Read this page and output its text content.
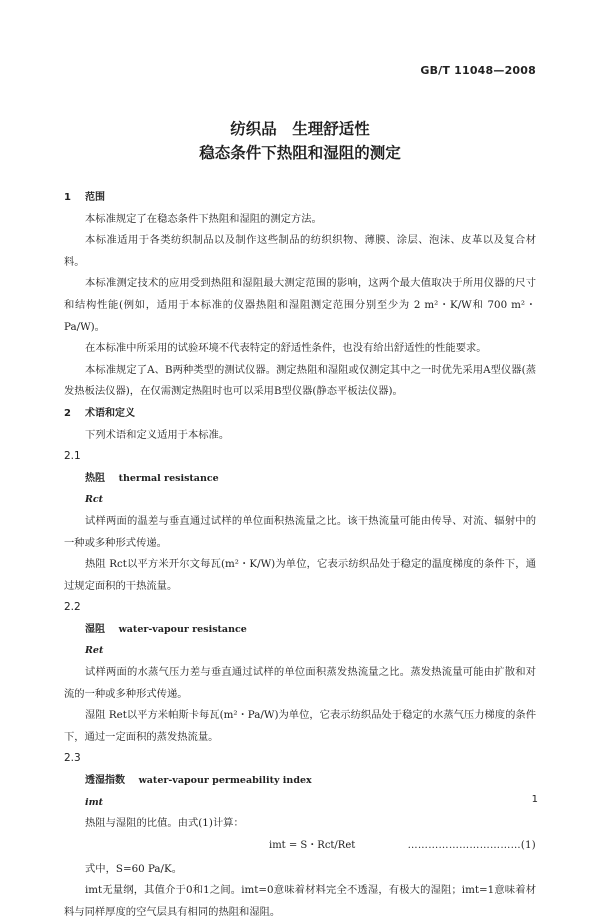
GB/T 11048—2008
纺织品　生理舒适性
稳态条件下热阻和湿阻的测定
1 范围

本标准规定了在稳态条件下热阻和湿阻的测定方法。

本标准适用于各类纺织制品以及制作这些制品的纺织织物、薄膜、涂层、泡沫、皮革以及复合材料。

本标准测定技术的应用受到热阻和湿阻最大测定范围的影响，这两个最大值取决于所用仪器的尺寸和结构性能(例如，适用于本标准的仪器热阻和湿阻测定范围分别至少为 2 m²・K/W和 700 m²・Pa/W)。

在本标准中所采用的试验环境不代表特定的舒适性条件，也没有给出舒适性的性能要求。

本标准规定了A、B两种类型的测试仪器。测定热阻和湿阻或仅测定其中之一时优先采用A型仪器(蒸发热板法仪器)，在仅需测定热阻时也可以采用B型仪器(静态平板法仪器)。

2 术语和定义

下列术语和定义适用于本标准。

2.1
热阻 thermal resistance
Rct

试样两面的温差与垂直通过试样的单位面积热流量之比。该干热流量可能由传导、对流、辐射中的一种或多种形式传递。

热阻 Rct以平方米开尔文每瓦(m²・K/W)为单位，它表示纺织品处于稳定的温度梯度的条件下，通过规定面积的干热流量。

2.2
湿阻 water-vapour resistance
Ret

试样两面的水蒸气压力差与垂直通过试样的单位面积蒸发热流量之比。蒸发热流量可能由扩散和对流的一种或多种形式传递。

湿阻 Ret以平方米帕斯卡每瓦(m²・Pa/W)为单位，它表示纺织品处于稳定的水蒸气压力梯度的条件下，通过一定面积的蒸发热流量。

2.3
透湿指数 water-vapour permeability index
imt

热阻与湿阻的比值。由式(1)计算：

imt = S・Rct/Ret	……………………………(1)

式中，S=60 Pa/K。

imt无量纲，其值介于0和1之间。imt=0意味着材料完全不透湿，有极大的湿阻；imt=1意味着材料与同样厚度的空气层具有相同的热阻和湿阻。

1
